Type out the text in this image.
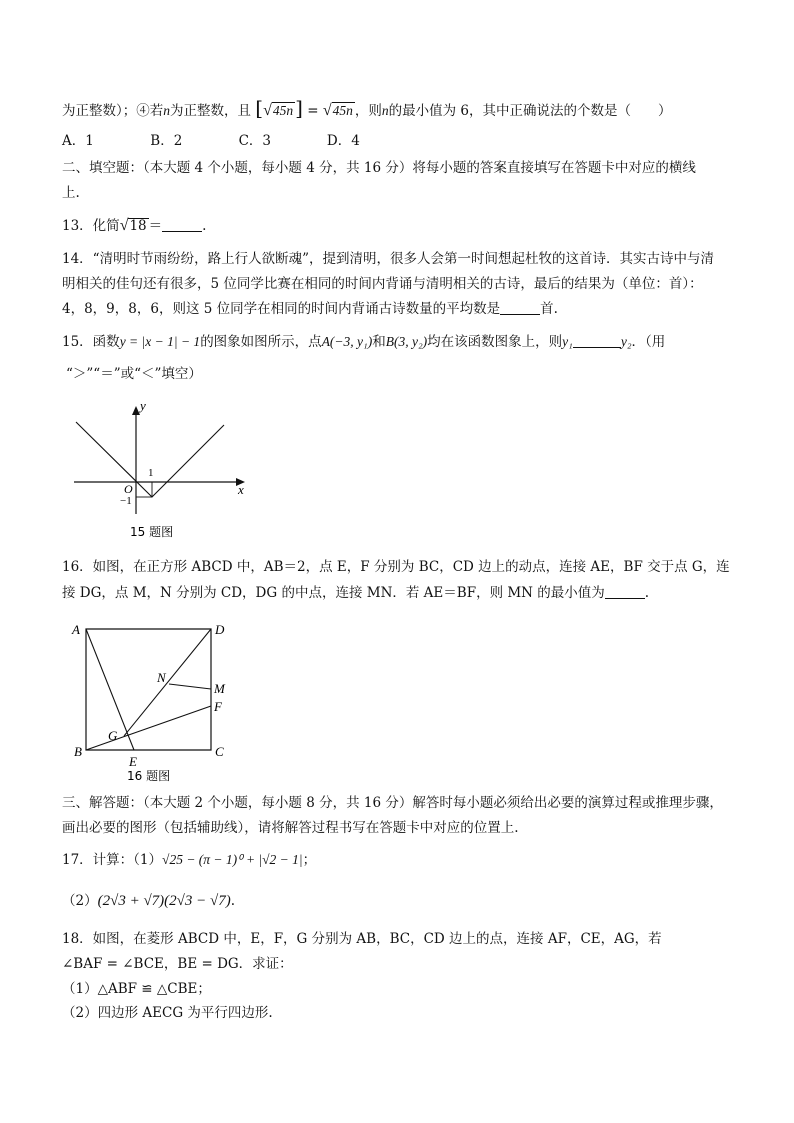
为正整数）；④若n为正整数，且 [√45n ] = √45n ，则n的最小值为 6，其中正确说法的个数是（　　）
A．1	B．2	C．3	D．4
二、填空题：（本大题 4 个小题，每小题 4 分，共 16 分）将每小题的答案直接填写在答题卡中对应的横线
上.
13．化简√18 ＝	.
14．“清明时节雨纷纷，路上行人欲断魂”，提到清明，很多人会第一时间想起杜牧的这首诗．其实古诗中与清
明相关的佳句还有很多，5 位同学比赛在相同的时间内背诵与清明相关的古诗，最后的结果为（单位：首）：
4，8，9，8，6，则这 5 位同学在相同的时间内背诵古诗数量的平均数是	首.
15．函数y = |x − 1| − 1的图象如图所示，点A(−3, y₁)和B(3, y₂)均在该函数图象上，则y₁	y₂．（用
“＞”“＝”或“＜”填空）
y
x
O
1
−1
15 题图
16．如图，在正方形 ABCD 中，AB＝2，点 E，F 分别为 BC，CD 边上的动点，连接 AE，BF 交于点 G，连
接 DG，点 M，N 分别为 CD，DG 的中点，连接 MN．若 AE＝BF，则 MN 的最小值为	.
A	D
B	C
E
F
G
M
N
16 题图
三、解答题：（本大题 2 个小题，每小题 8 分，共 16 分）解答时每小题必须给出必要的演算过程或推理步骤，
画出必要的图形（包括辅助线），请将解答过程书写在答题卡中对应的位置上.
17．计算：（1）√25 − (π − 1)⁰ + |√2 − 1|；
（2）(2√3 + √7)(2√3 − √7).
18．如图，在菱形 ABCD 中，E，F，G 分别为 AB，BC，CD 边上的点，连接 AF，CE，AG，若
∠BAF = ∠BCE，BE = DG．求证：
（1）△ABF ≌ △CBE；
（2）四边形 AECG 为平行四边形.
